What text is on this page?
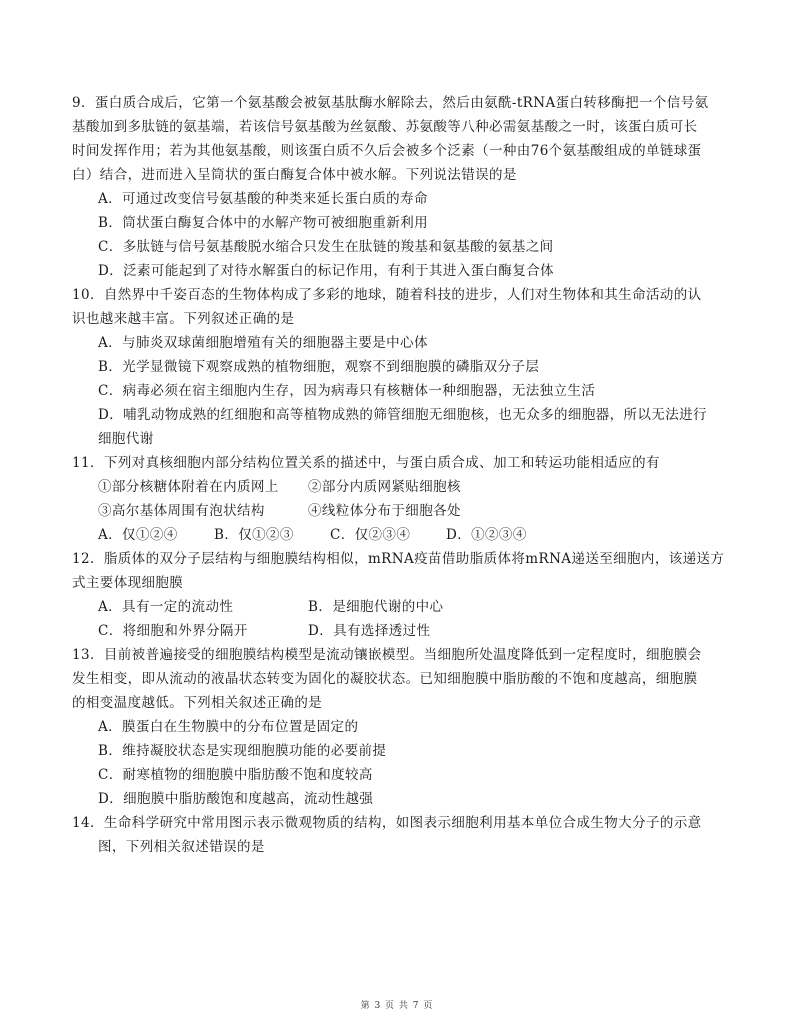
9．蛋白质合成后，它第一个氨基酸会被氨基肽酶水解除去，然后由氨酰-tRNA蛋白转移酶把一个信号氨

基酸加到多肽链的氨基端，若该信号氨基酸为丝氨酸、苏氨酸等八种必需氨基酸之一时，该蛋白质可长

时间发挥作用；若为其他氨基酸，则该蛋白质不久后会被多个泛素（一种由76个氨基酸组成的单链球蛋

白）结合，进而进入呈筒状的蛋白酶复合体中被水解。下列说法错误的是

A．可通过改变信号氨基酸的种类来延长蛋白质的寿命

B．筒状蛋白酶复合体中的水解产物可被细胞重新利用

C．多肽链与信号氨基酸脱水缩合只发生在肽链的羧基和氨基酸的氨基之间

D．泛素可能起到了对待水解蛋白的标记作用，有利于其进入蛋白酶复合体

10．自然界中千姿百态的生物体构成了多彩的地球，随着科技的进步，人们对生物体和其生命活动的认

识也越来越丰富。下列叙述正确的是

A．与肺炎双球菌细胞增殖有关的细胞器主要是中心体

B．光学显微镜下观察成熟的植物细胞，观察不到细胞膜的磷脂双分子层

C．病毒必须在宿主细胞内生存，因为病毒只有核糖体一种细胞器，无法独立生活

D．哺乳动物成熟的红细胞和高等植物成熟的筛管细胞无细胞核，也无众多的细胞器，所以无法进行

细胞代谢

11．下列对真核细胞内部分结构位置关系的描述中，与蛋白质合成、加工和转运功能相适应的有

①部分核糖体附着在内质网上 ②部分内质网紧贴细胞核

③高尔基体周围有泡状结构	④线粒体分布于细胞各处

A．仅①②④	B．仅①②③	C．仅②③④	D．①②③④

12．脂质体的双分子层结构与细胞膜结构相似，mRNA疫苗借助脂质体将mRNA递送至细胞内，该递送方

式主要体现细胞膜

A．具有一定的流动性	B．是细胞代谢的中心

C．将细胞和外界分隔开	D．具有选择透过性

13．目前被普遍接受的细胞膜结构模型是流动镶嵌模型。当细胞所处温度降低到一定程度时，细胞膜会

发生相变，即从流动的液晶状态转变为固化的凝胶状态。已知细胞膜中脂肪酸的不饱和度越高，细胞膜

的相变温度越低。下列相关叙述正确的是

A．膜蛋白在生物膜中的分布位置是固定的

B．维持凝胶状态是实现细胞膜功能的必要前提

C．耐寒植物的细胞膜中脂肪酸不饱和度较高

D．细胞膜中脂肪酸饱和度越高，流动性越强

14．生命科学研究中常用图示表示微观物质的结构，如图表示细胞利用基本单位合成生物大分子的示意

图，下列相关叙述错误的是

第 3 页 共 7 页
